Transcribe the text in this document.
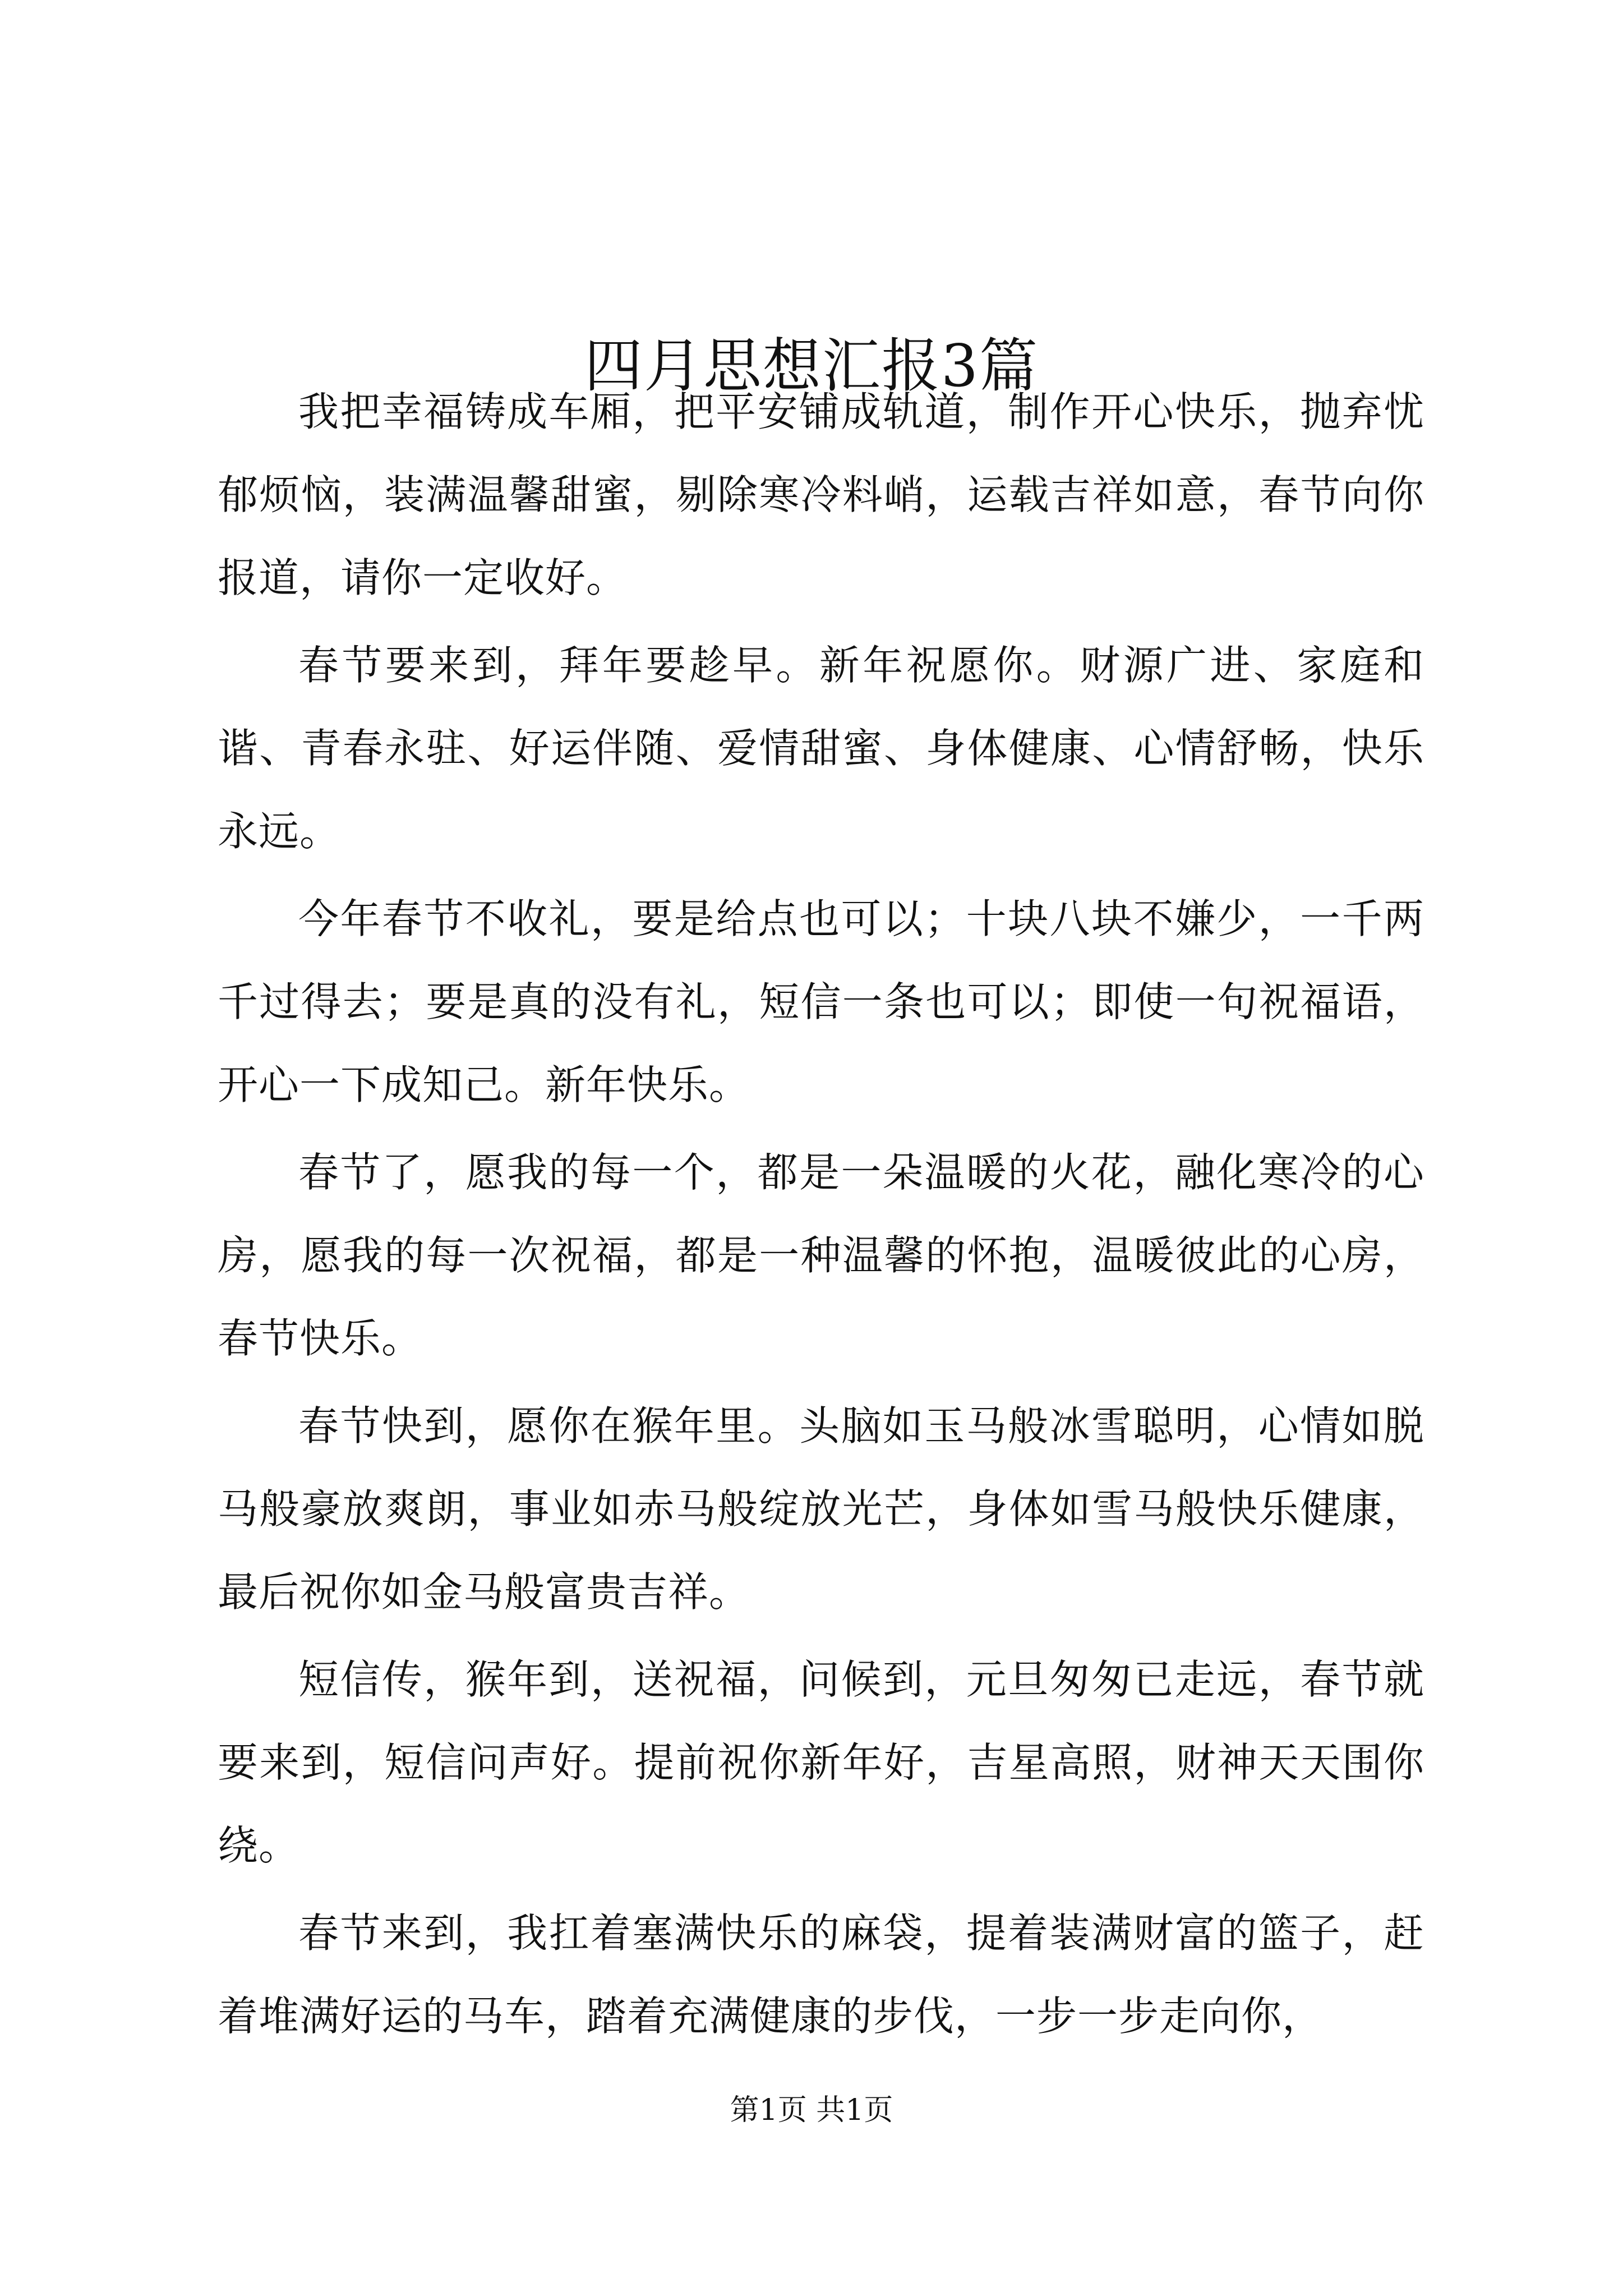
四月思想汇报3篇

我把幸福铸成车厢，把平安铺成轨道，制作开心快乐，抛弃忧郁烦恼，装满温馨甜蜜，剔除寒冷料峭，运载吉祥如意，春节向你报道，请你一定收好。

春节要来到，拜年要趁早。新年祝愿你。财源广进、家庭和谐、青春永驻、好运伴随、爱情甜蜜、身体健康、心情舒畅，快乐永远。

今年春节不收礼，要是给点也可以；十块八块不嫌少，一千两千过得去；要是真的没有礼，短信一条也可以；即使一句祝福语，开心一下成知己。新年快乐。

春节了，愿我的每一个，都是一朵温暖的火花，融化寒冷的心房，愿我的每一次祝福，都是一种温馨的怀抱，温暖彼此的心房，春节快乐。

春节快到，愿你在猴年里。头脑如玉马般冰雪聪明，心情如脱马般豪放爽朗，事业如赤马般绽放光芒，身体如雪马般快乐健康，最后祝你如金马般富贵吉祥。

短信传，猴年到，送祝福，问候到，元旦匆匆已走远，春节就要来到，短信问声好。提前祝你新年好，吉星高照，财神天天围你绕。

春节来到，我扛着塞满快乐的麻袋，提着装满财富的篮子，赶着堆满好运的马车，踏着充满健康的步伐，一步一步走向你，

第1页 共1页
